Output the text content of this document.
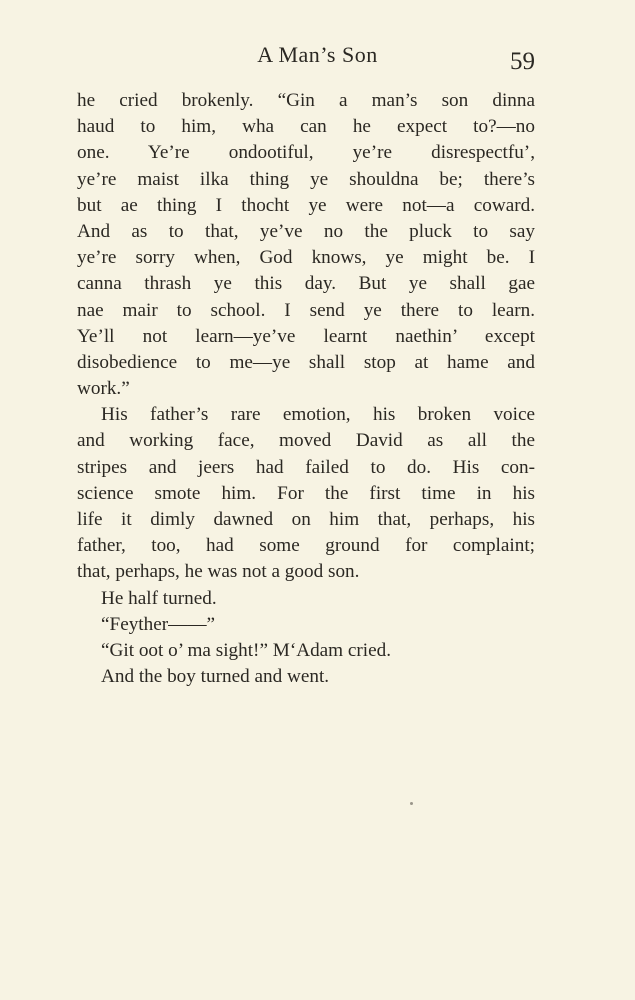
A Man’s Son	59
he cried brokenly. “Gin a man’s son dinna
haud to him, wha can he expect to?—no
one. Ye’re ondootiful, ye’re disrespectfu’,
ye’re maist ilka thing ye shouldna be; there’s
but ae thing I thocht ye were not—a coward.
And as to that, ye’ve no the pluck to say
ye’re sorry when, God knows, ye might be. I
canna thrash ye this day. But ye shall gae
nae mair to school. I send ye there to learn.
Ye’ll not learn—ye’ve learnt naethin’ except
disobedience to me—ye shall stop at hame and
work.”
His father’s rare emotion, his broken voice
and working face, moved David as all the
stripes and jeers had failed to do. His con-
science smote him. For the first time in his
life it dimly dawned on him that, perhaps, his
father, too, had some ground for complaint;
that, perhaps, he was not a good son.
He half turned.
“Feyther——”
“Git oot o’ ma sight!” M‘Adam cried.
And the boy turned and went.
